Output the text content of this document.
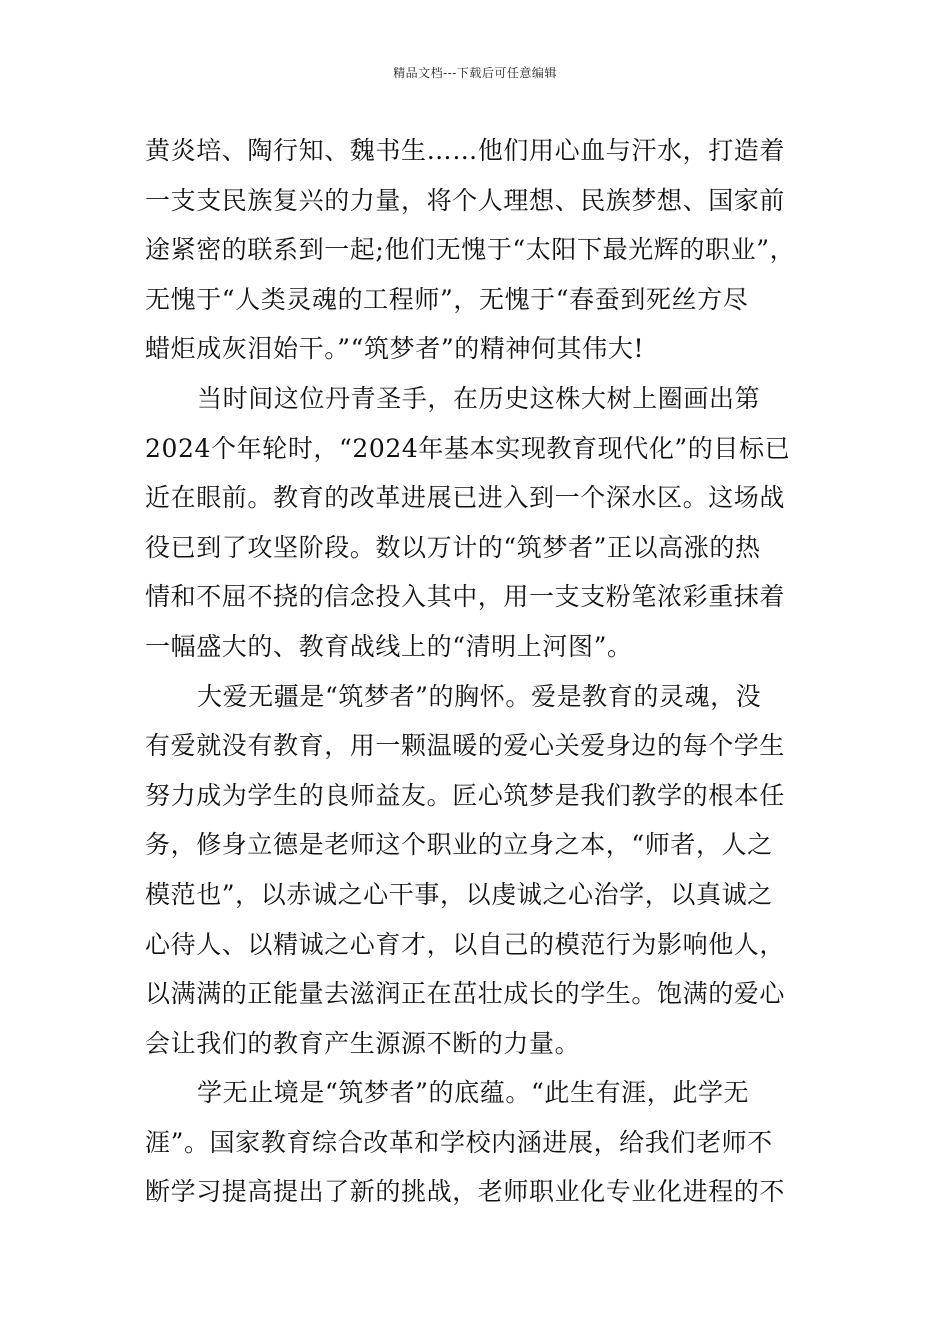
精品文档---下载后可任意编辑
黄炎培、陶行知、魏书生……他们用心血与汗水，打造着
一支支民族复兴的力量，将个人理想、民族梦想、国家前
途紧密的联系到一起;他们无愧于“太阳下最光辉的职业”，
无愧于“人类灵魂的工程师”，无愧于“春蚕到死丝方尽
蜡炬成灰泪始干。”“筑梦者”的精神何其伟大!
当时间这位丹青圣手，在历史这株大树上圈画出第
2024个年轮时，“2024年基本实现教育现代化”的目标已
近在眼前。教育的改革进展已进入到一个深水区。这场战
役已到了攻坚阶段。数以万计的“筑梦者”正以高涨的热
情和不屈不挠的信念投入其中，用一支支粉笔浓彩重抹着
一幅盛大的、教育战线上的“清明上河图”。
大爱无疆是“筑梦者”的胸怀。爱是教育的灵魂，没
有爱就没有教育，用一颗温暖的爱心关爱身边的每个学生
努力成为学生的良师益友。匠心筑梦是我们教学的根本任
务，修身立德是老师这个职业的立身之本，“师者，人之
模范也”，以赤诚之心干事，以虔诚之心治学，以真诚之
心待人、以精诚之心育才，以自己的模范行为影响他人，
以满满的正能量去滋润正在茁壮成长的学生。饱满的爱心
会让我们的教育产生源源不断的力量。
学无止境是“筑梦者”的底蕴。“此生有涯，此学无
涯”。国家教育综合改革和学校内涵进展，给我们老师不
断学习提高提出了新的挑战，老师职业化专业化进程的不
